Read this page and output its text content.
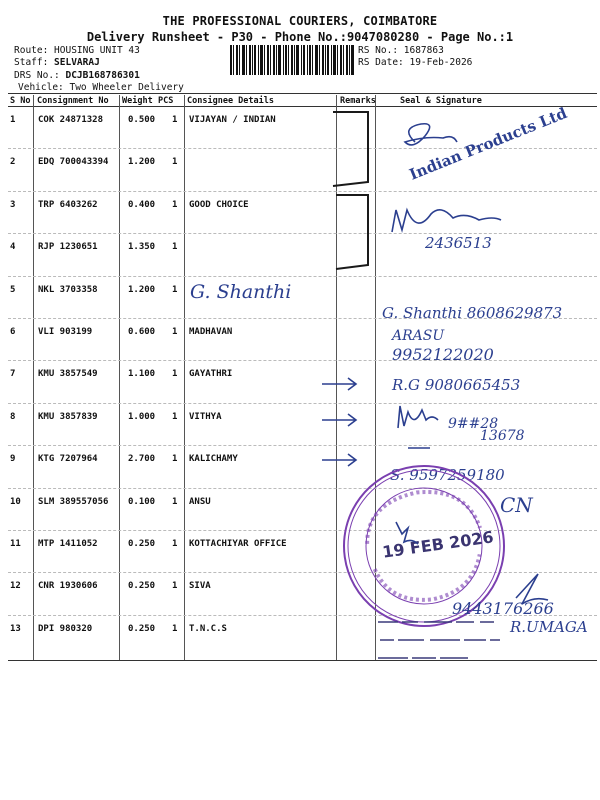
THE PROFESSIONAL COURIERS, COIMBATORE
Delivery Runsheet - P30 - Phone No.:9047080280 - Page No.:1
Route: HOUSING UNIT 43
Staff: SELVARAJ
DRS No.: DCJB168786301
Vehicle: Two Wheeler Delivery
RS No.: 1687863
RS Date: 19-Feb-2026
S No Consignment No Weight PCS Consignee Details	Remarks	Seal & Signature
1	COK 24871328	0.500 1 VIJAYAN / INDIAN
2	EDQ 700043394 1.200 1
3	TRP 6403262	0.400 1 GOOD CHOICE
4	RJP 1230651	1.350 1
5	NKL 3703358	1.200 1
6	VLI 903199	0.600 1 MADHAVAN
7	KMU 3857549	1.100 1 GAYATHRI
8	KMU 3857839	1.000 1 VITHYA
9	KTG 7207964	2.700 1 KALICHAMY
10 SLM 389557056 0.100 1 ANSU
11 MTP 1411052	0.250 1 KOTTACHIYAR OFFICE
12 CNR 1930606	0.250 1 SIVA
13 DPI 980320	0.250 1 T.N.C.S
Indian Products Ltd
2436513
G. Shanthi
G. Shanthi 8608629873
ARASU
9952122020
R.G 9080665453
9##28
13678
S. 9597259180
CN
19 FEB 2026
9443176266
R.UMAGA
